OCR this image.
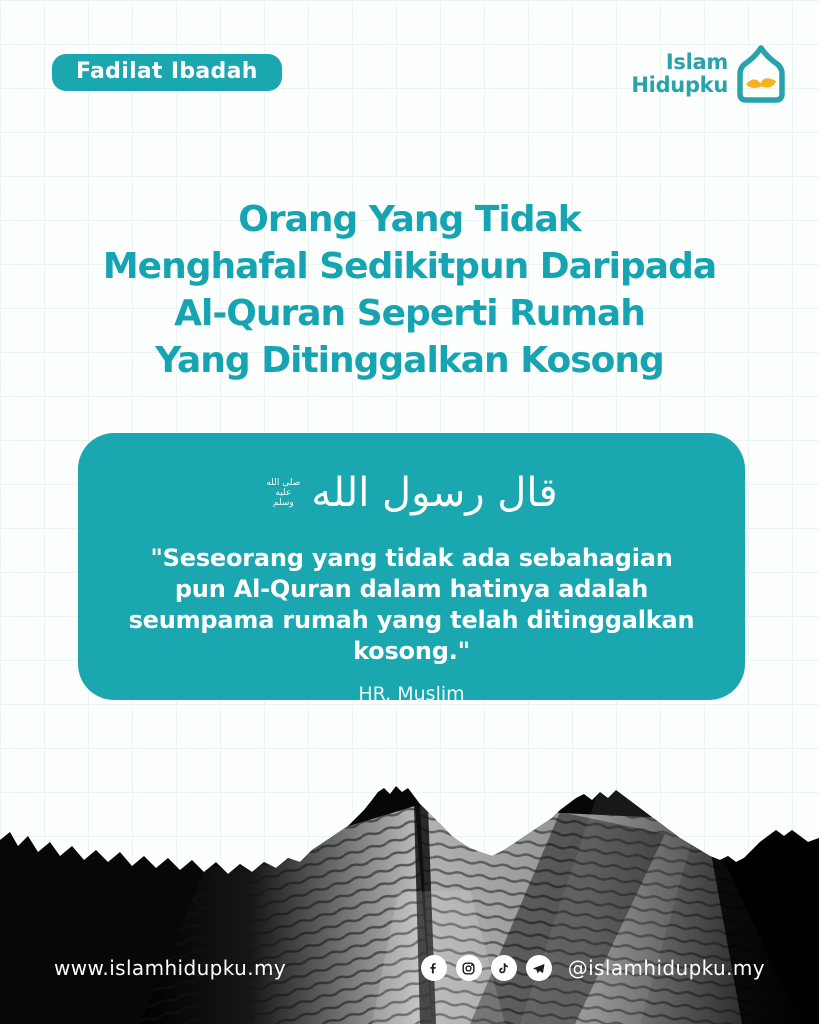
Fadilat Ibadah	Islam
Hidupku
Orang Yang Tidak
Menghafal Sedikitpun Daripada
Al-Quran Seperti Rumah
Yang Ditinggalkan Kosong
قال رسول الله
صلى الله عليه وسلم
"Seseorang yang tidak ada sebahagian pun Al-Quran dalam hatinya adalah seumpama rumah yang telah ditinggalkan kosong."
HR. Muslim
www.islamhidupku.my	@islamhidupku.my
